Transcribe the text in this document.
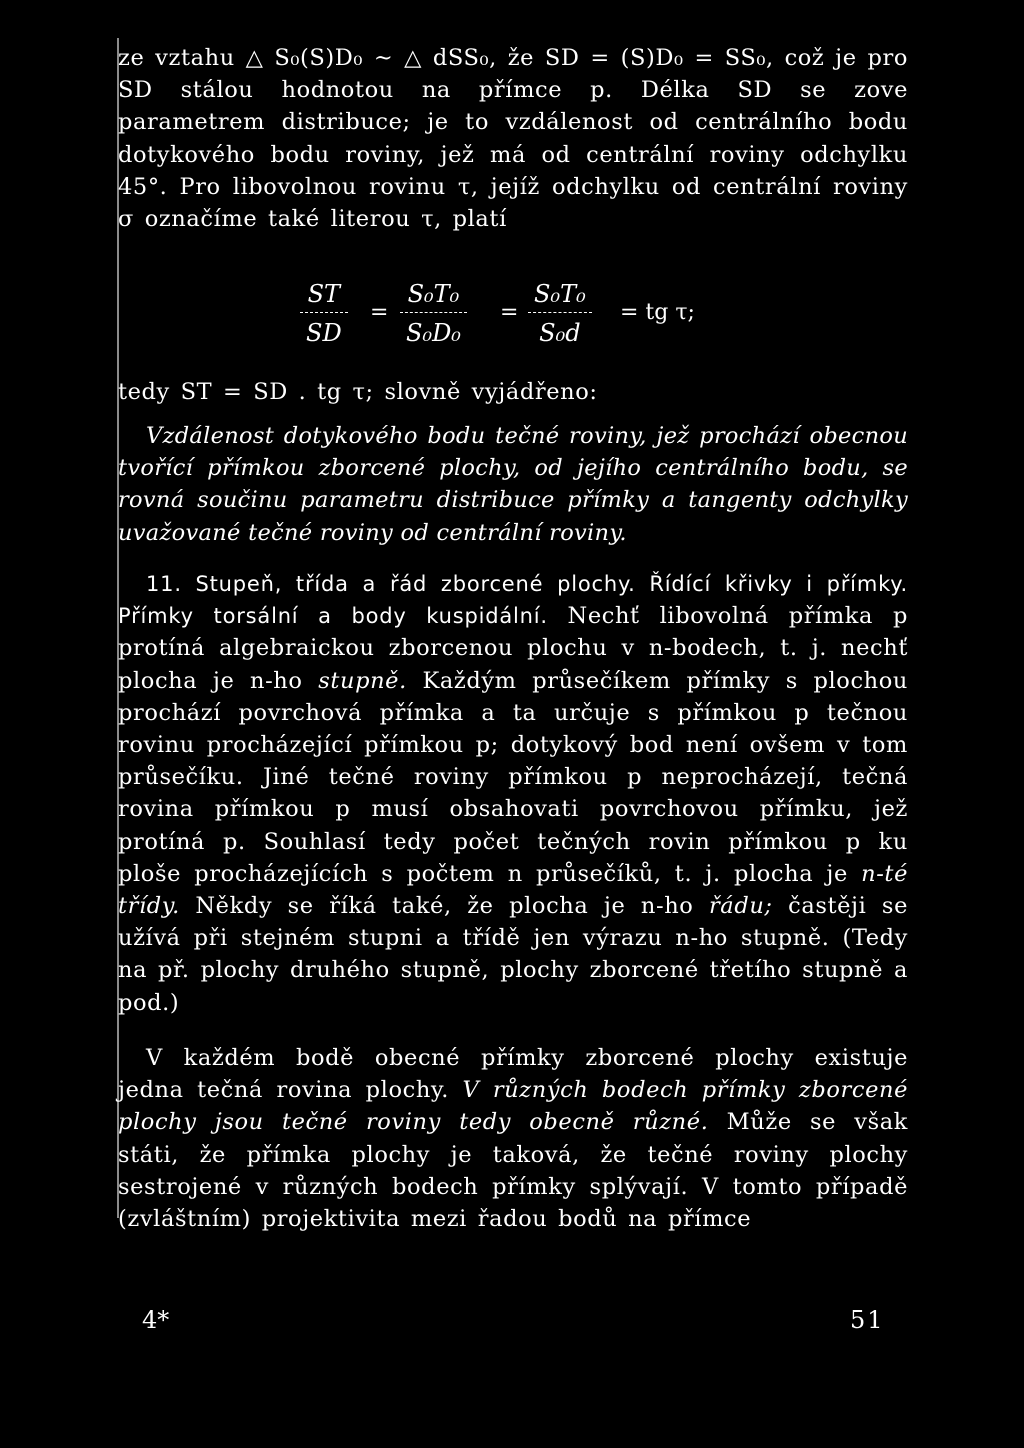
ze vztahu △ S₀(S)D₀ ~ △ dSS₀, že SD = (S)D₀ = SS₀, což je pro SD stálou hodnotou na přímce p. Délka SD se zove parametrem distribuce; je to vzdálenost od centrálního bodu dotykového bodu roviny, jež má od centrální roviny odchylku 45°. Pro libovolnou rovinu τ, jejíž odchylku od centrální roviny σ označíme také literou τ, platí
$\frac{ST}{SD} = \frac{\text{S₀T₀}}{\text{S₀D₀}} = \frac{\text{S₀T₀}}{\text{S₀d}}$ = tg τ;
tedy ST = SD . tg τ; slovně vyjádřeno:
Vzdálenost dotykového bodu tečné roviny, jež prochází obecnou tvořící přímkou zborcené plochy, od jejího centrálního bodu, se rovná součinu parametru distribuce přímky a tangenty odchylky uvažované tečné roviny od centrální roviny.
11. Stupeň, třída a řád zborcené plochy. Řídící křivky i přímky. Přímky torsální a body kuspidální. Nechť libovolná přímka p protíná algebraickou zborcenou plochu v n-bodech, t. j. nechť plocha je n-ho stupně. Každým průsečíkem přímky s plochou prochází povrchová přímka a ta určuje s přímkou p tečnou rovinu procházející přímkou p; dotykový bod není ovšem v tom průsečíku. Jiné tečné roviny přímkou p neprocházejí, tečná rovina přímkou p musí obsahovati povrchovou přímku, jež protíná p. Souhlasí tedy počet tečných rovin přímkou p ku ploše procházejících s počtem n průsečíků, t. j. plocha je n-té třídy. Někdy se říká také, že plocha je n-ho řádu; častěji se užívá při stejném stupni a třídě jen výrazu n-ho stupně. (Tedy na př. plochy druhého stupně, plochy zborcené třetího stupně a pod.)
V každém bodě obecné přímky zborcené plochy existuje jedna tečná rovina plochy. V různých bodech přímky zborcené plochy jsou tečné roviny tedy obecně různé. Může se však státi, že přímka plochy je taková, že tečné roviny plochy sestrojené v různých bodech přímky splývají. V tomto případě (zvláštním) projektivita mezi řadou bodů na přímce
4*	51
